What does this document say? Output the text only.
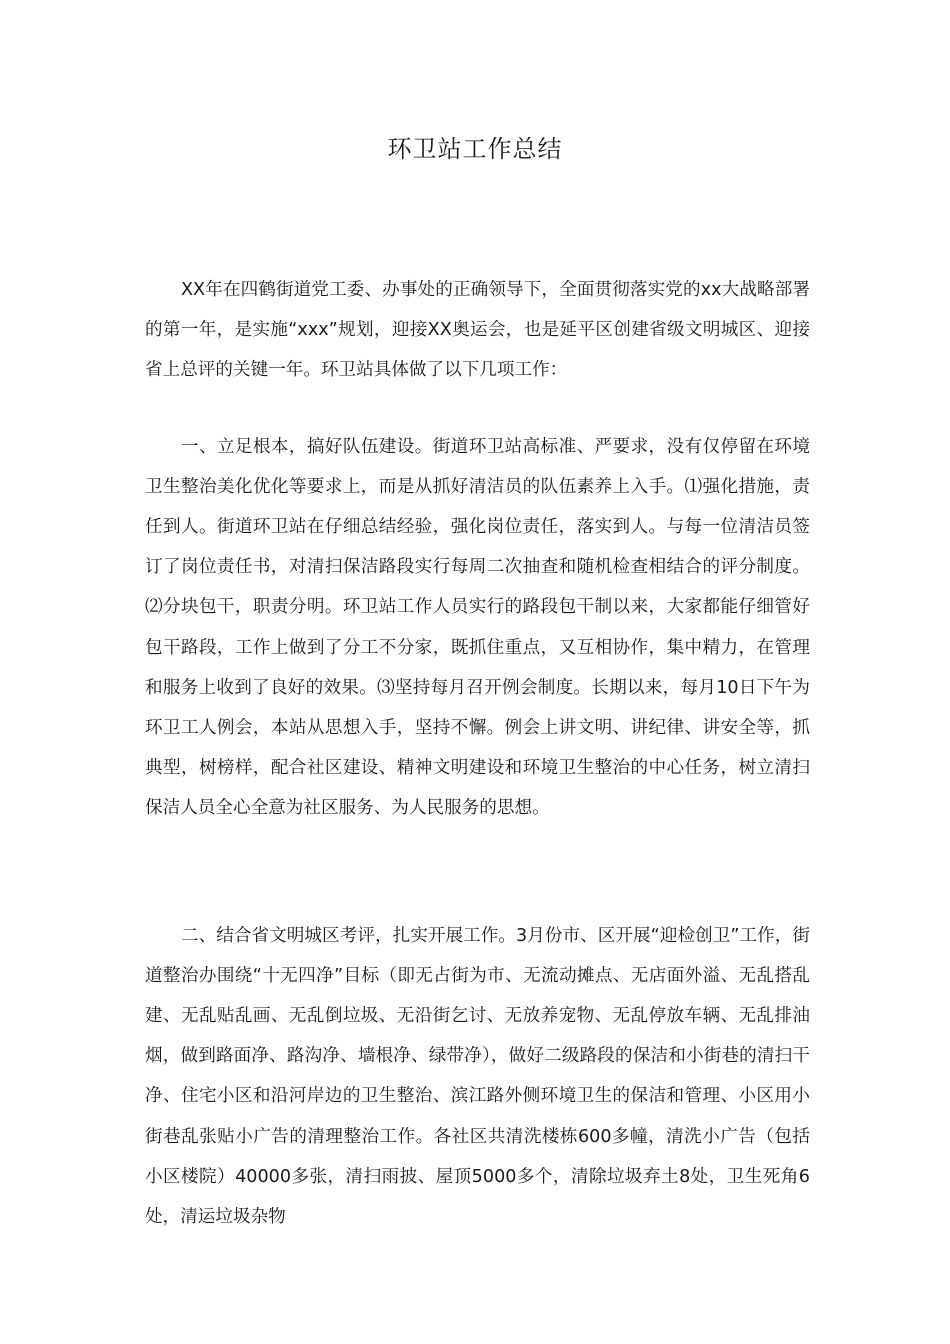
环卫站工作总结

XX年在四鹤街道党工委、办事处的正确领导下，全面贯彻落实党的xx大战略部署的第一年，是实施“xxx”规划，迎接XX奥运会，也是延平区创建省级文明城区、迎接省上总评的关键一年。环卫站具体做了以下几项工作：

一、立足根本，搞好队伍建设。街道环卫站高标准、严要求，没有仅停留在环境卫生整治美化优化等要求上，而是从抓好清洁员的队伍素养上入手。⑴强化措施，责任到人。街道环卫站在仔细总结经验，强化岗位责任，落实到人。与每一位清洁员签订了岗位责任书，对清扫保洁路段实行每周二次抽查和随机检查相结合的评分制度。⑵分块包干，职责分明。环卫站工作人员实行的路段包干制以来，大家都能仔细管好包干路段，工作上做到了分工不分家，既抓住重点，又互相协作，集中精力，在管理和服务上收到了良好的效果。⑶坚持每月召开例会制度。长期以来，每月10日下午为环卫工人例会，本站从思想入手，坚持不懈。例会上讲文明、讲纪律、讲安全等，抓典型，树榜样，配合社区建设、精神文明建设和环境卫生整治的中心任务，树立清扫保洁人员全心全意为社区服务、为人民服务的思想。

二、结合省文明城区考评，扎实开展工作。3月份市、区开展“迎检创卫”工作，街道整治办围绕“十无四净”目标（即无占街为市、无流动摊点、无店面外溢、无乱搭乱建、无乱贴乱画、无乱倒垃圾、无沿街乞讨、无放养宠物、无乱停放车辆、无乱排油烟，做到路面净、路沟净、墙根净、绿带净），做好二级路段的保洁和小街巷的清扫干净、住宅小区和沿河岸边的卫生整治、滨江路外侧环境卫生的保洁和管理、小区用小街巷乱张贴小广告的清理整治工作。各社区共清洗楼栋600多幢，清洗小广告（包括小区楼院）40000多张，清扫雨披、屋顶5000多个，清除垃圾弃土8处，卫生死角6处，清运垃圾杂物
